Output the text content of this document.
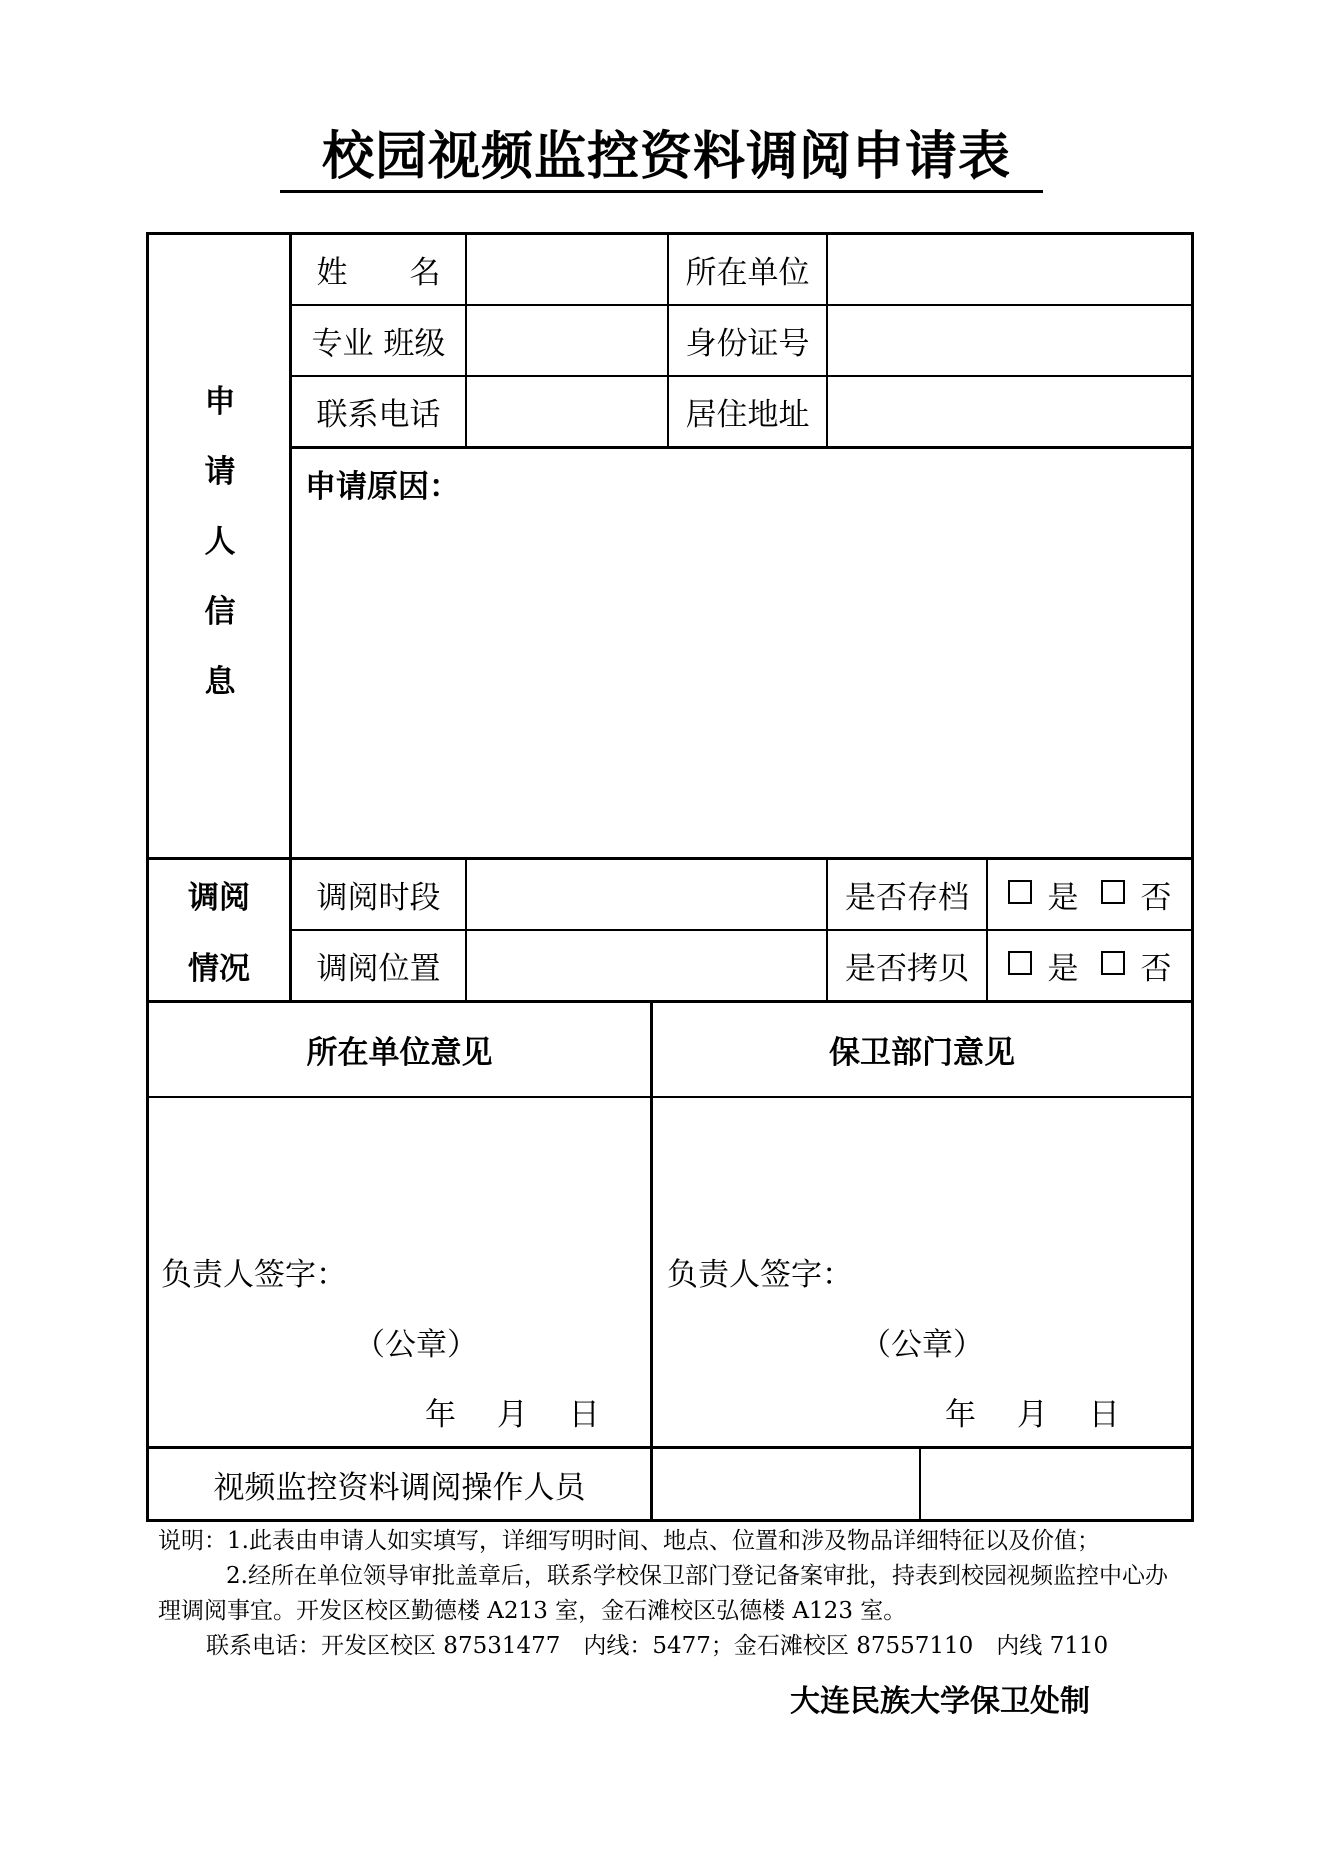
校园视频监控资料调阅申请表
申
请
人
信
息
姓　　名	所在单位
专业 班级	身份证号
联系电话	居住地址
申请原因：
调阅
情况
调阅时段	是否存档	是 否
调阅位置	是否拷贝	是 否
所在单位意见	保卫部门意见
负责人签字：
（公章）
年　 月　 日
负责人签字：
（公章）
年　 月　 日
视频监控资料调阅操作人员
说明：1.此表由申请人如实填写，详细写明时间、地点、位置和涉及物品详细特征以及价值；
2.经所在单位领导审批盖章后，联系学校保卫部门登记备案审批，持表到校园视频监控中心办理调阅事宜。开发区校区勤德楼 A213 室，金石滩校区弘德楼 A123 室。
联系电话：开发区校区 87531477　内线：5477；金石滩校区 87557110　内线 7110
大连民族大学保卫处制
